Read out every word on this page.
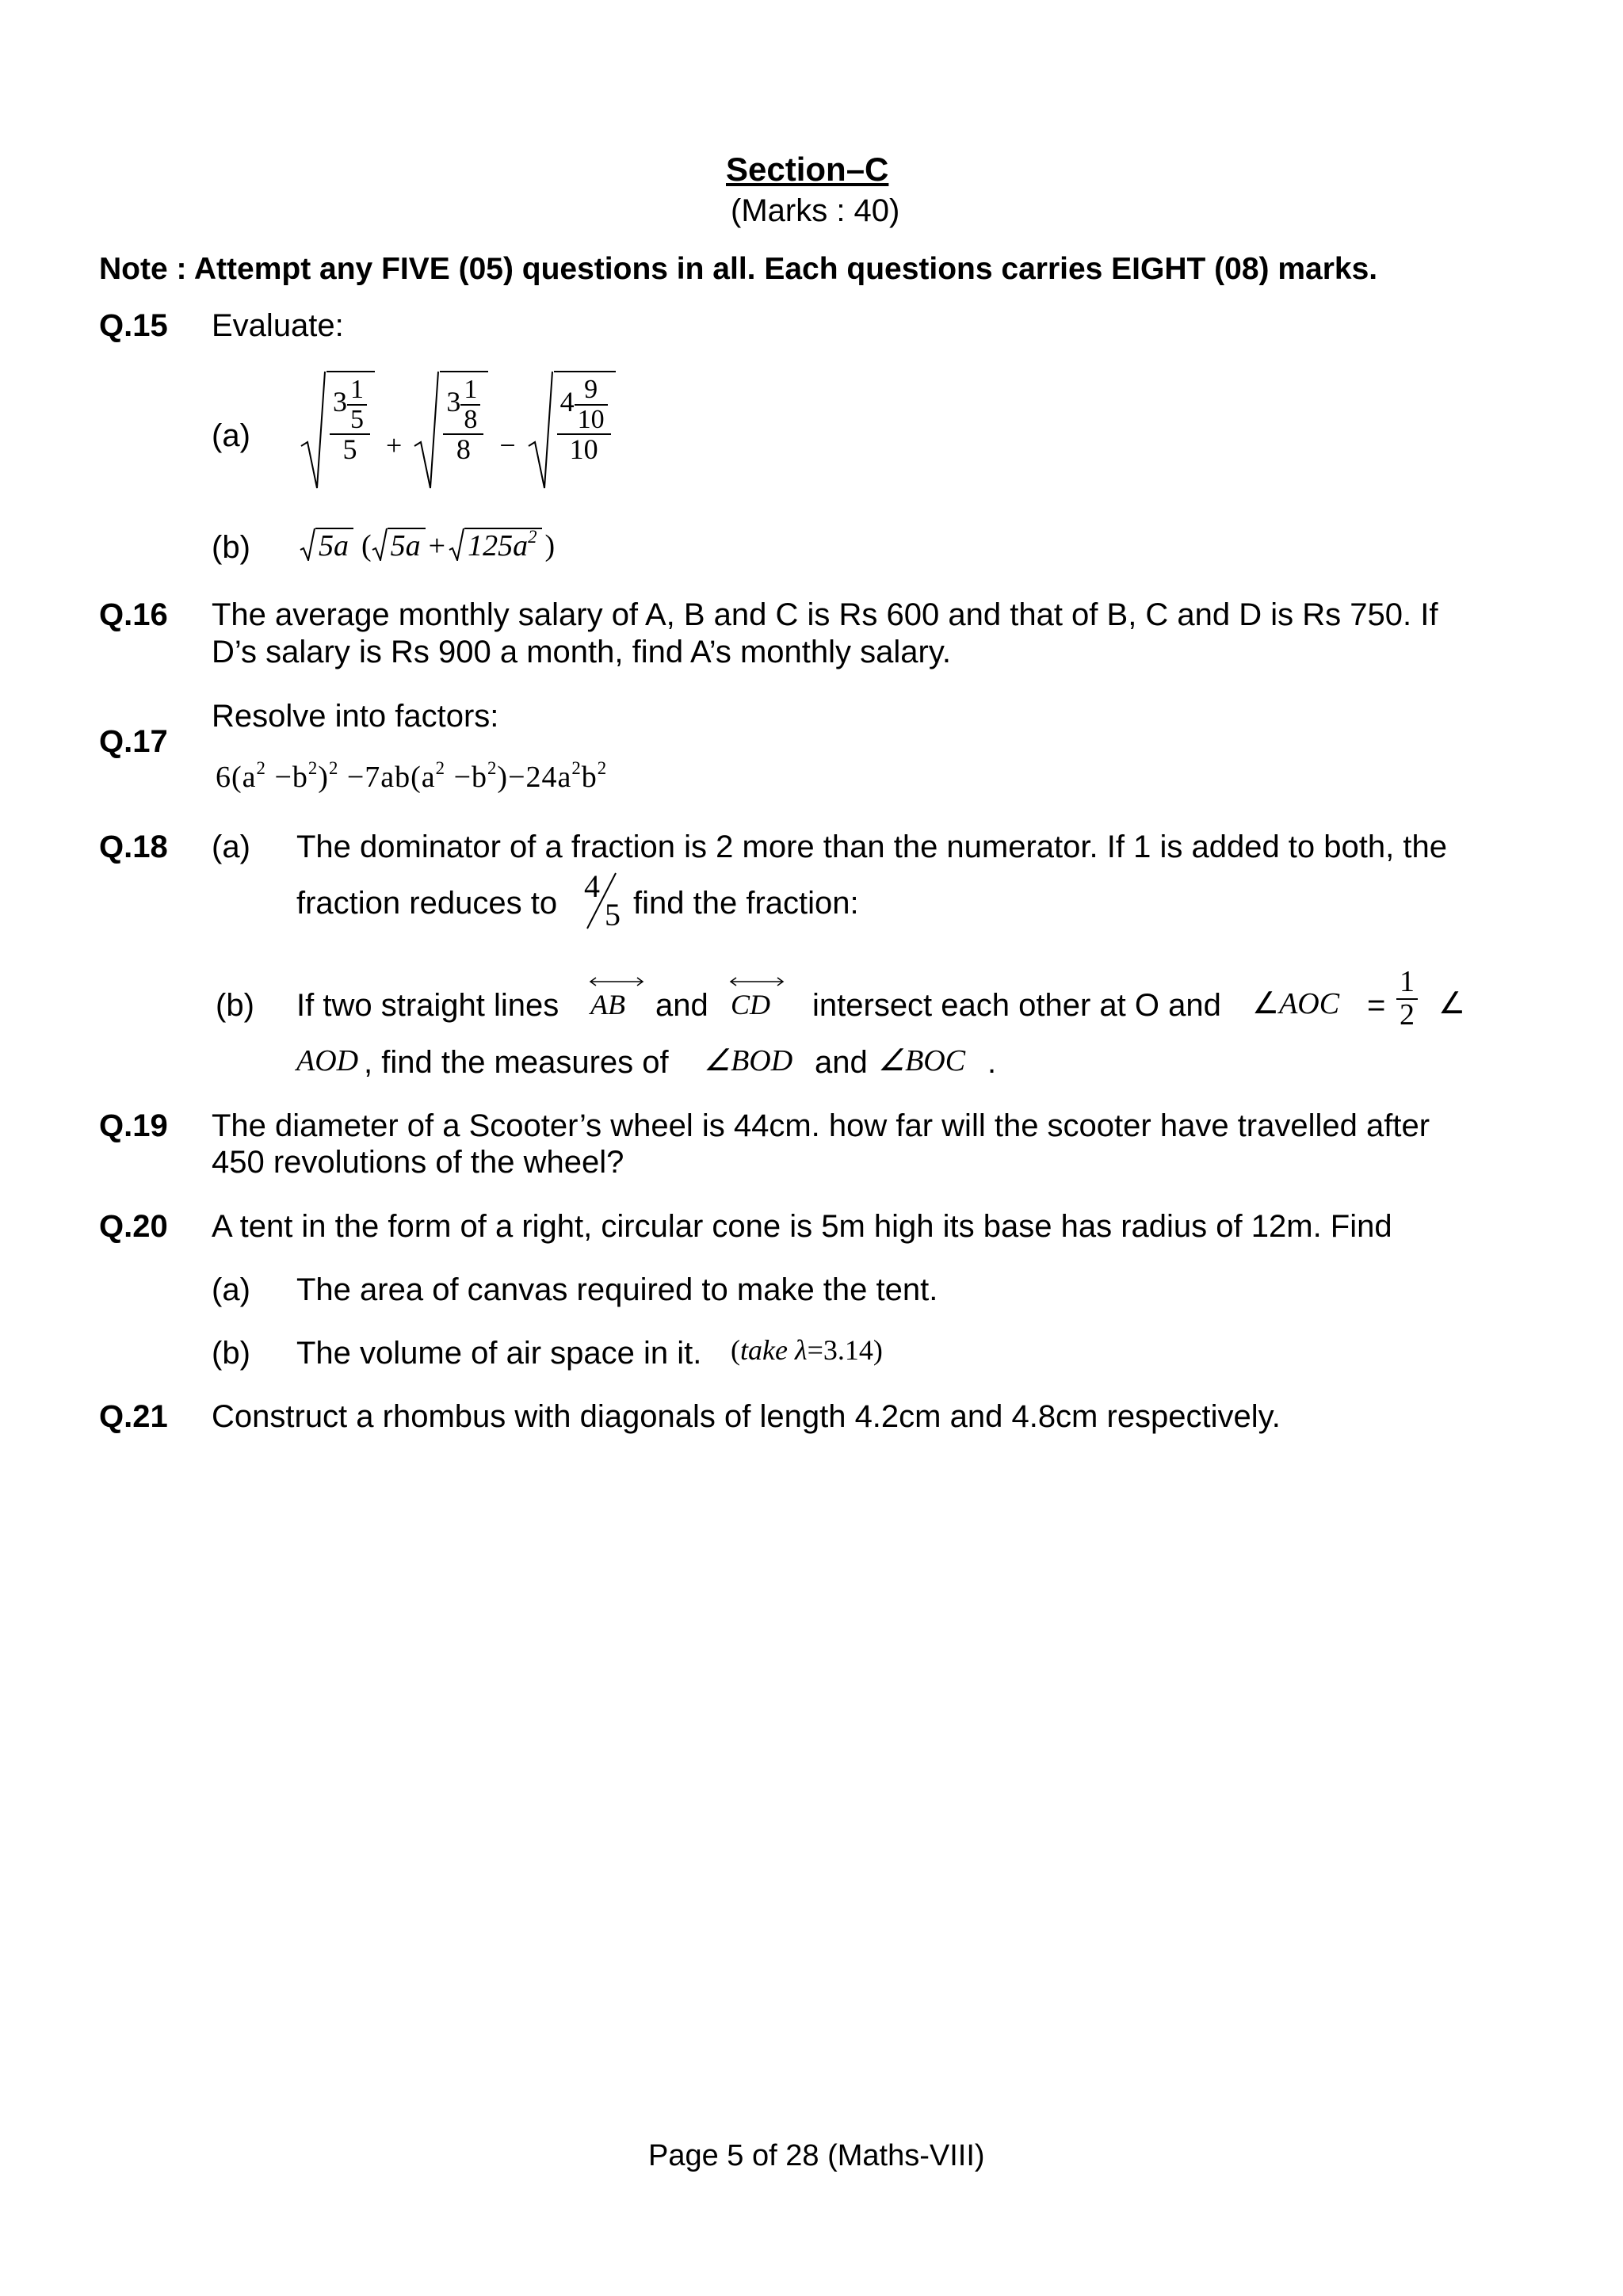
Section–C
(Marks : 40)
Note : Attempt any FIVE (05) questions in all. Each questions carries EIGHT (08) marks.
Q.15 Evaluate:
(a)	$\frac{3 \frac{1}{5}}{5} + \frac{3 \frac{1}{8}}{8} - \frac{4 \frac{9}{10}}{10}$
(b) 5a ( $5a + 125a^2$ )
Q.16 The average monthly salary of A, B and C is Rs 600 and that of B, C and D is Rs 750. If
D’s salary is Rs 900 a month, find A’s monthly salary.
Resolve into factors:
Q.17
$6(a^2 -b^2)^2 -7ab(a^2 -b^2)-24a^2b^2$
Q.18 (a) The dominator of a fraction is 2 more than the numerator. If 1 is added to both, the
fraction reduces to 4
5 find the fraction:
(b) If two straight lines AB and CD intersect each other at O and ∠AOC = $\frac{1}{2}$ ∠
AOD , find the measures of ∠BOD and ∠BOC .
Q.19 The diameter of a Scooter’s wheel is 44cm. how far will the scooter have travelled after
450 revolutions of the wheel?
Q.20 A tent in the form of a right, circular cone is 5m high its base has radius of 12m. Find
(a) The area of canvas required to make the tent.
(b) The volume of air space in it. (take λ=3.14)
Q.21 Construct a rhombus with diagonals of length 4.2cm and 4.8cm respectively.
Page 5 of 28 (Maths-VIII)
